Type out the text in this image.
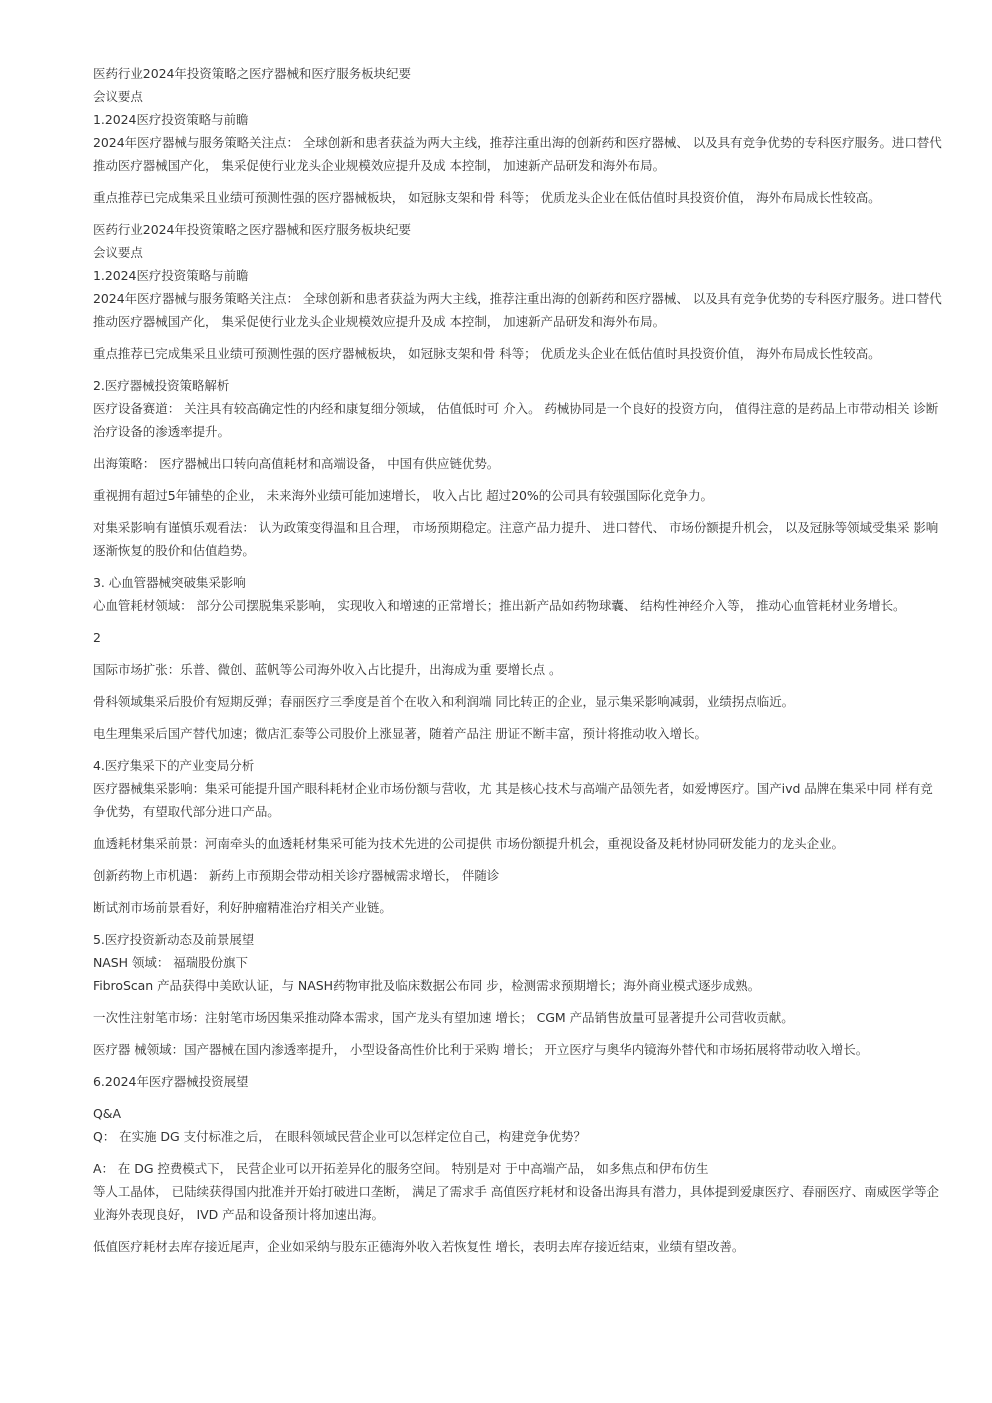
医药行业2024年投资策略之医疗器械和医疗服务板块纪要

会议要点

1.2024医疗投资策略与前瞻

2024年医疗器械与服务策略关注点： 全球创新和患者获益为两大主线，推荐注重出海的创新药和医疗器械、 以及具有竞争优势的专科医疗服务。进口替代推动医疗器械国产化， 集采促使行业龙头企业规模效应提升及成 本控制， 加速新产品研发和海外布局。

重点推荐已完成集采且业绩可预测性强的医疗器械板块， 如冠脉支架和骨 科等； 优质龙头企业在低估值时具投资价值， 海外布局成长性较高。

医药行业2024年投资策略之医疗器械和医疗服务板块纪要

会议要点

1.2024医疗投资策略与前瞻

2024年医疗器械与服务策略关注点： 全球创新和患者获益为两大主线，推荐注重出海的创新药和医疗器械、 以及具有竞争优势的专科医疗服务。进口替代推动医疗器械国产化， 集采促使行业龙头企业规模效应提升及成 本控制， 加速新产品研发和海外布局。

重点推荐已完成集采且业绩可预测性强的医疗器械板块， 如冠脉支架和骨 科等； 优质龙头企业在低估值时具投资价值， 海外布局成长性较高。

2.医疗器械投资策略解析

医疗设备赛道： 关注具有较高确定性的内经和康复细分领域， 估值低时可 介入。 药械协同是一个良好的投资方向， 值得注意的是药品上市带动相关 诊断治疗设备的渗透率提升。

出海策略： 医疗器械出口转向高值耗材和高端设备， 中国有供应链优势。

重视拥有超过5年铺垫的企业， 未来海外业绩可能加速增长， 收入占比 超过20%的公司具有较强国际化竞争力。

对集采影响有谨慎乐观看法： 认为政策变得温和且合理， 市场预期稳定。注意产品力提升、 进口替代、 市场份额提升机会， 以及冠脉等领域受集采 影响逐渐恢复的股价和估值趋势。

3. 心血管器械突破集采影响

心血管耗材领域： 部分公司摆脱集采影响， 实现收入和增速的正常增长；推出新产品如药物球囊、 结构性神经介入等， 推动心血管耗材业务增长。

2

国际市场扩张：乐普、微创、蓝帆等公司海外收入占比提升，出海成为重 要增长点 。

骨科领域集采后股价有短期反弹；春丽医疗三季度是首个在收入和利润端 同比转正的企业，显示集采影响减弱，业绩拐点临近。

电生理集采后国产替代加速；微店汇泰等公司股价上涨显著，随着产品注 册证不断丰富，预计将推动收入增长。

4.医疗集采下的产业变局分析

医疗器械集采影响：集采可能提升国产眼科耗材企业市场份额与营收，尤 其是核心技术与高端产品领先者，如爱博医疗。国产ivd 品牌在集采中同 样有竞争优势，有望取代部分进口产品。

血透耗材集采前景：河南牵头的血透耗材集采可能为技术先进的公司提供 市场份额提升机会，重视设备及耗材协同研发能力的龙头企业。

创新药物上市机遇： 新药上市预期会带动相关诊疗器械需求增长， 伴随诊

断试剂市场前景看好，利好肿瘤精准治疗相关产业链。

5.医疗投资新动态及前景展望

NASH 领域： 福瑞股份旗下

FibroScan 产品获得中美欧认证，与 NASH药物审批及临床数据公布同 步，检测需求预期增长；海外商业模式逐步成熟。

一次性注射笔市场：注射笔市场因集采推动降本需求，国产龙头有望加速 增长； CGM 产品销售放量可显著提升公司营收贡献。

医疗器 械领域：国产器械在国内渗透率提升， 小型设备高性价比利于采购 增长； 开立医疗与奥华内镜海外替代和市场拓展将带动收入增长。

6.2024年医疗器械投资展望

Q&A

Q： 在实施 DG 支付标准之后， 在眼科领域民营企业可以怎样定位自己，构建竞争优势？

A： 在 DG 控费模式下， 民营企业可以开拓差异化的服务空间。 特别是对 于中高端产品， 如多焦点和伊布仿生

等人工晶体， 已陆续获得国内批准并开始打破进口垄断， 满足了需求手 高值医疗耗材和设备出海具有潜力，具体提到爱康医疗、春丽医疗、南威医学等企业海外表现良好， IVD 产品和设备预计将加速出海。

低值医疗耗材去库存接近尾声，企业如采纳与股东正德海外收入若恢复性 增长，表明去库存接近结束，业绩有望改善。
